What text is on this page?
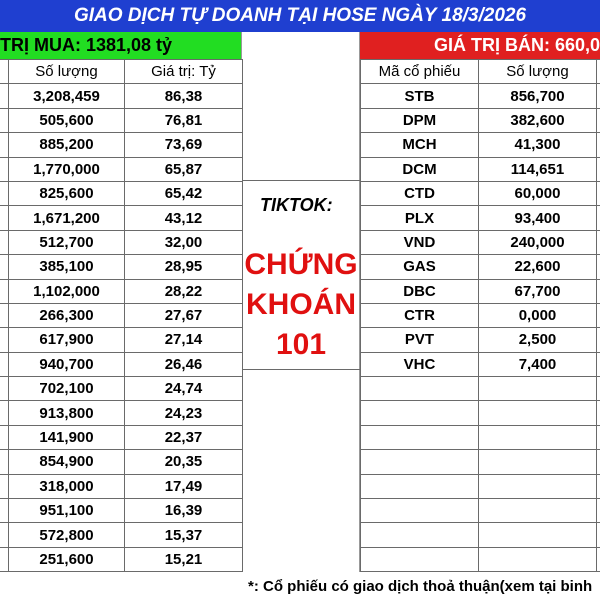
GIAO DỊCH TỰ DOANH TẠI HOSE NGÀY 18/3/2026
TRỊ MUA: 1381,08 tỷ	GIÁ TRỊ BÁN: 660,0
	Số lượng	Giá trị: Tỷ
	3,208,459	86,38
	505,600	76,81
	885,200	73,69
	1,770,000	65,87
	825,600	65,42
	1,671,200	43,12
	512,700	32,00
	385,100	28,95
	1,102,000	28,22
	266,300	27,67
	617,900	27,14
	940,700	26,46
	702,100	24,74
	913,800	24,23
	141,900	22,37
	854,900	20,35
	318,000	17,49
	951,100	16,39
	572,800	15,37
	251,600	15,21
TIKTOK:
CHỨNG
KHOÁN
101
Mã cổ phiếu	Số lượng	
STB	856,700	
DPM	382,600	
MCH	41,300	
DCM	114,651	
CTD	60,000	
PLX	93,400	
VND	240,000	
GAS	22,600	
DBC	67,700	
CTR	0,000	
PVT	2,500	
VHC	7,400	

*: Cổ phiếu có giao dịch thoả thuận(xem tại binh
